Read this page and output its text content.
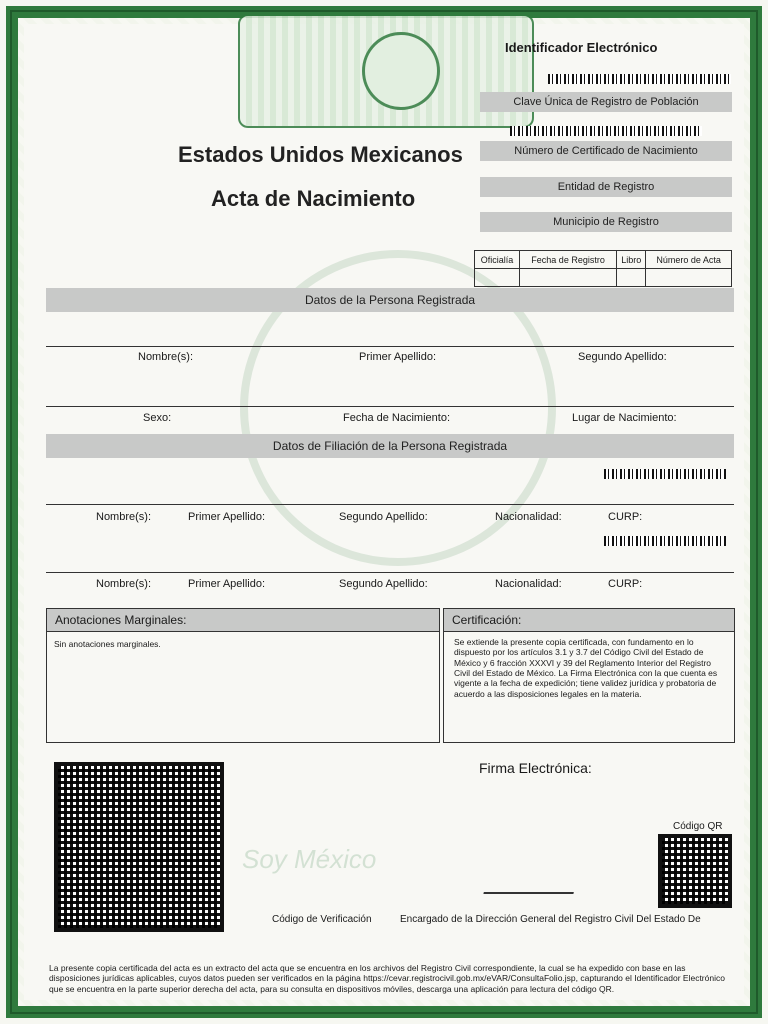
Soy México
Estados Unidos Mexicanos
Acta de Nacimiento
Identificador Electrónico
Clave Única de Registro de Población
Número de Certificado de Nacimiento
Entidad de Registro
Municipio de Registro
Oficialía	Fecha de Registro	Libro	Número de Acta

Datos de la Persona Registrada
Nombre(s):	Primer Apellido:	Segundo Apellido:
Sexo:	Fecha de Nacimiento:	Lugar de Nacimiento:
Datos de Filiación de la Persona Registrada
Nombre(s):	Primer Apellido:	Segundo Apellido:	Nacionalidad:	CURP:
Nombre(s):	Primer Apellido:	Segundo Apellido:	Nacionalidad:	CURP:
Anotaciones Marginales:
Sin anotaciones marginales.
Certificación:
Se extiende la presente copia certificada, con fundamento en lo dispuesto por los artículos 3.1 y 3.7 del Código Civil del Estado de México y 6 fracción XXXVI y 39 del Reglamento Interior del Registro Civil del Estado de México. La Firma Electrónica con la que cuenta es vigente a la fecha de expedición; tiene validez jurídica y probatoria de acuerdo a las disposiciones legales en la materia.
Firma Electrónica:
Código QR
Código de Verificación	Encargado de la Dirección General del Registro Civil Del Estado De
La presente copia certificada del acta es un extracto del acta que se encuentra en los archivos del Registro Civil correspondiente, la cual se ha expedido con base en las disposiciones jurídicas aplicables, cuyos datos pueden ser verificados en la página https://cevar.registrocivil.gob.mx/eVAR/ConsultaFolio.jsp, capturando el Identificador Electrónico que se encuentra en la parte superior derecha del acta, para su consulta en dispositivos móviles, descarga una aplicación para lectura del código QR.
